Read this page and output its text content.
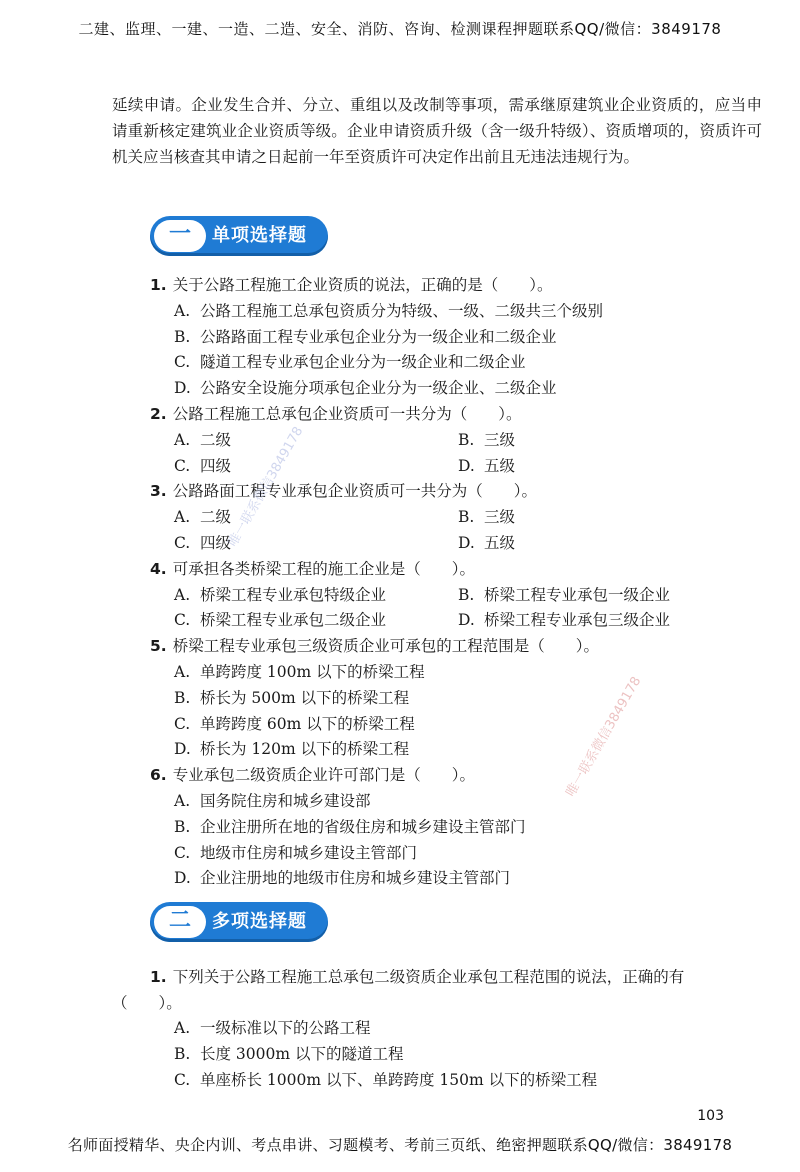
二建、监理、一建、一造、二造、安全、消防、咨询、检测课程押题联系QQ/微信：3849178

延续申请。企业发生合并、分立、重组以及改制等事项，需承继原建筑业企业资质的，应当申请重新核定建筑业企业资质等级。企业申请资质升级（含一级升特级）、资质增项的，资质许可机关应当核查其申请之日起前一年至资质许可决定作出前且无违法违规行为。

一	单项选择题
1. 关于公路工程施工企业资质的说法，正确的是（　　）。
A. 公路工程施工总承包资质分为特级、一级、二级共三个级别
B. 公路路面工程专业承包企业分为一级企业和二级企业
C. 隧道工程专业承包企业分为一级企业和二级企业
D. 公路安全设施分项承包企业分为一级企业、二级企业
2. 公路工程施工总承包企业资质可一共分为（　　）。
A. 二级	B. 三级
C. 四级	D. 五级
3. 公路路面工程专业承包企业资质可一共分为（　　）。
A. 二级	B. 三级
C. 四级	D. 五级
4. 可承担各类桥梁工程的施工企业是（　　）。
A. 桥梁工程专业承包特级企业	B. 桥梁工程专业承包一级企业
C. 桥梁工程专业承包二级企业	D. 桥梁工程专业承包三级企业
5. 桥梁工程专业承包三级资质企业可承包的工程范围是（　　）。
A. 单跨跨度 100m 以下的桥梁工程
B. 桥长为 500m 以下的桥梁工程
C. 单跨跨度 60m 以下的桥梁工程
D. 桥长为 120m 以下的桥梁工程
6. 专业承包二级资质企业许可部门是（　　）。
A. 国务院住房和城乡建设部
B. 企业注册所在地的省级住房和城乡建设主管部门
C. 地级市住房和城乡建设主管部门
D. 企业注册地的地级市住房和城乡建设主管部门
二	多项选择题
1. 下列关于公路工程施工总承包二级资质企业承包工程范围的说法，正确的有
（　　）。
A. 一级标准以下的公路工程
B. 长度 3000m 以下的隧道工程
C. 单座桥长 1000m 以下、单跨跨度 150m 以下的桥梁工程
唯一联系微信3849178
唯一联系微信3849178
103
名师面授精华、央企内训、考点串讲、习题模考、考前三页纸、绝密押题联系QQ/微信：3849178
